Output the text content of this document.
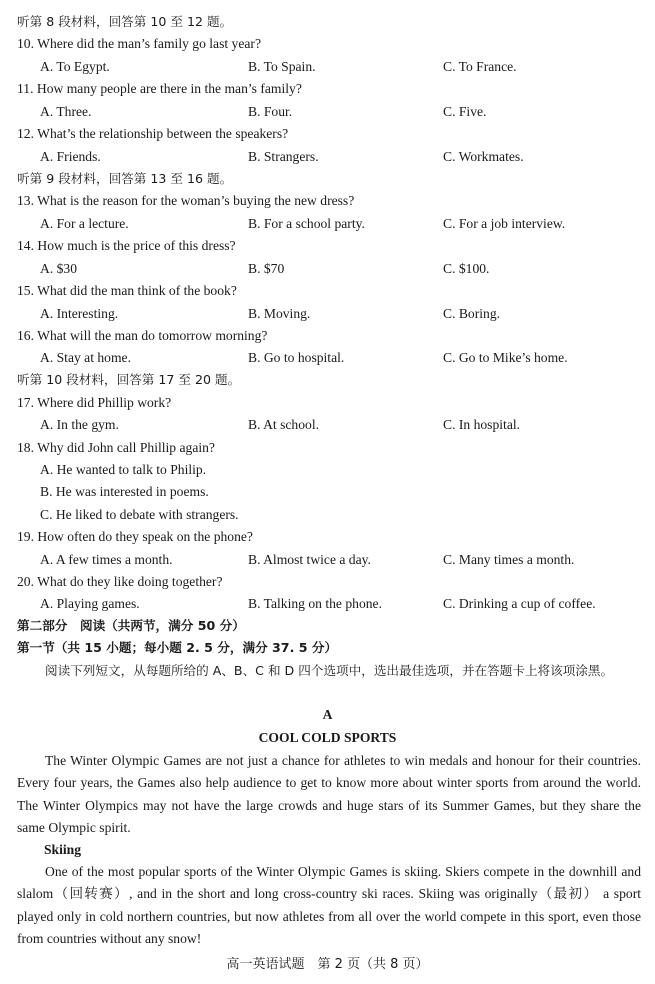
听第 8 段材料，回答第 10 至 12 题。
10. Where did the man’s family go last year?
A. To Egypt.	B. To Spain.	C. To France.
11. How many people are there in the man’s family?
A. Three.	B. Four.	C. Five.
12. What’s the relationship between the speakers?
A. Friends.	B. Strangers.	C. Workmates.
听第 9 段材料，回答第 13 至 16 题。
13. What is the reason for the woman’s buying the new dress?
A. For a lecture.	B. For a school party.	C. For a job interview.
14. How much is the price of this dress?
A. $30	B. $70	C. $100.
15. What did the man think of the book?
A. Interesting.	B. Moving.	C. Boring.
16. What will the man do tomorrow morning?
A. Stay at home.	B. Go to hospital.	C. Go to Mike’s home.
听第 10 段材料，回答第 17 至 20 题。
17. Where did Phillip work?
A. In the gym.	B. At school.	C. In hospital.
18. Why did John call Phillip again?
A. He wanted to talk to Philip.
B. He was interested in poems.
C. He liked to debate with strangers.
19. How often do they speak on the phone?
A. A few times a month.	B. Almost twice a day.	C. Many times a month.
20. What do they like doing together?
A. Playing games.	B. Talking on the phone.	C. Drinking a cup of coffee.
第二部分　阅读（共两节，满分 50 分）
第一节（共 15 小题；每小题 2. 5 分，满分 37. 5 分）
阅读下列短文，从每题所给的 A、B、C 和 D 四个选项中，选出最佳选项，并在答题卡上将该项涂黑。
A
COOL COLD SPORTS
The Winter Olympic Games are not just a chance for athletes to win medals and honour for their countries. Every four years, the Games also help audience to get to know more about winter sports from around the world. The Winter Olympics may not have the large crowds and huge stars of its Summer Games, but they share the same Olympic spirit.
Skiing
One of the most popular sports of the Winter Olympic Games is skiing. Skiers compete in the downhill and slalom（回转赛）, and in the short and long cross-country ski races. Skiing was originally（最初） a sport played only in cold northern countries, but now athletes from all over the world compete in this sport, even those from countries without any snow!
高一英语试题　第 2 页（共 8 页）
